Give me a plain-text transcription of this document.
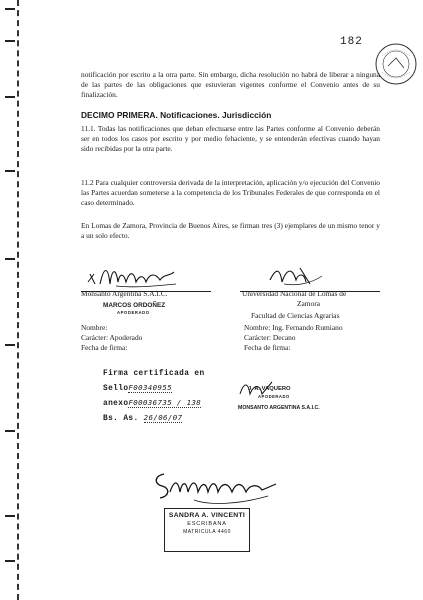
182
notificación por escrito a la otra parte. Sin embargo, dicha resolución no habrá de liberar a ninguna de las partes de las obligaciones que estuvieran vigentes conforme el Convenio antes de su finalización.
DECIMO PRIMERA. Notificaciones. Jurisdicción
11.1. Todas las notificaciones que deban efectuarse entre las Partes conforme al Convenio deberán ser en todos los casos por escrito y por medio fehaciente, y se entenderán efectivas cuando hayan sido recibidas por la otra parte.
11.2 Para cualquier controversia derivada de la interpretación, aplicación y/o ejecución del Convenio las Partes acuerdan someterse a la competencia de los Tribunales Federales de que corresponda en el caso determinado.
En Lomas de Zamora, Provincia de Buenos Aires, se firman tres (3) ejemplares de un mismo tenor y a un solo efecto.
Monsanto Argentina S.A.I.C.
MARCOS ORDOÑEZ
APODERADO
Nombre:
Carácter: Apoderado
Fecha de firma:
Universidad Nacional de Lomas de
Zamora
Facultad de Ciencias Agrarias
Nombre: Ing. Fernando Rumiano
Carácter: Decano
Fecha de firma:
Firma certificada en
SelloF00340955
anexoF00036735 / 138
Bs. As. 26/06/07
J. A. VAQUERO
APODERADO
MONSANTO ARGENTINA S.A.I.C.
SANDRA A. VINCENTI
ESCRIBANA
MATRICULA 4460
